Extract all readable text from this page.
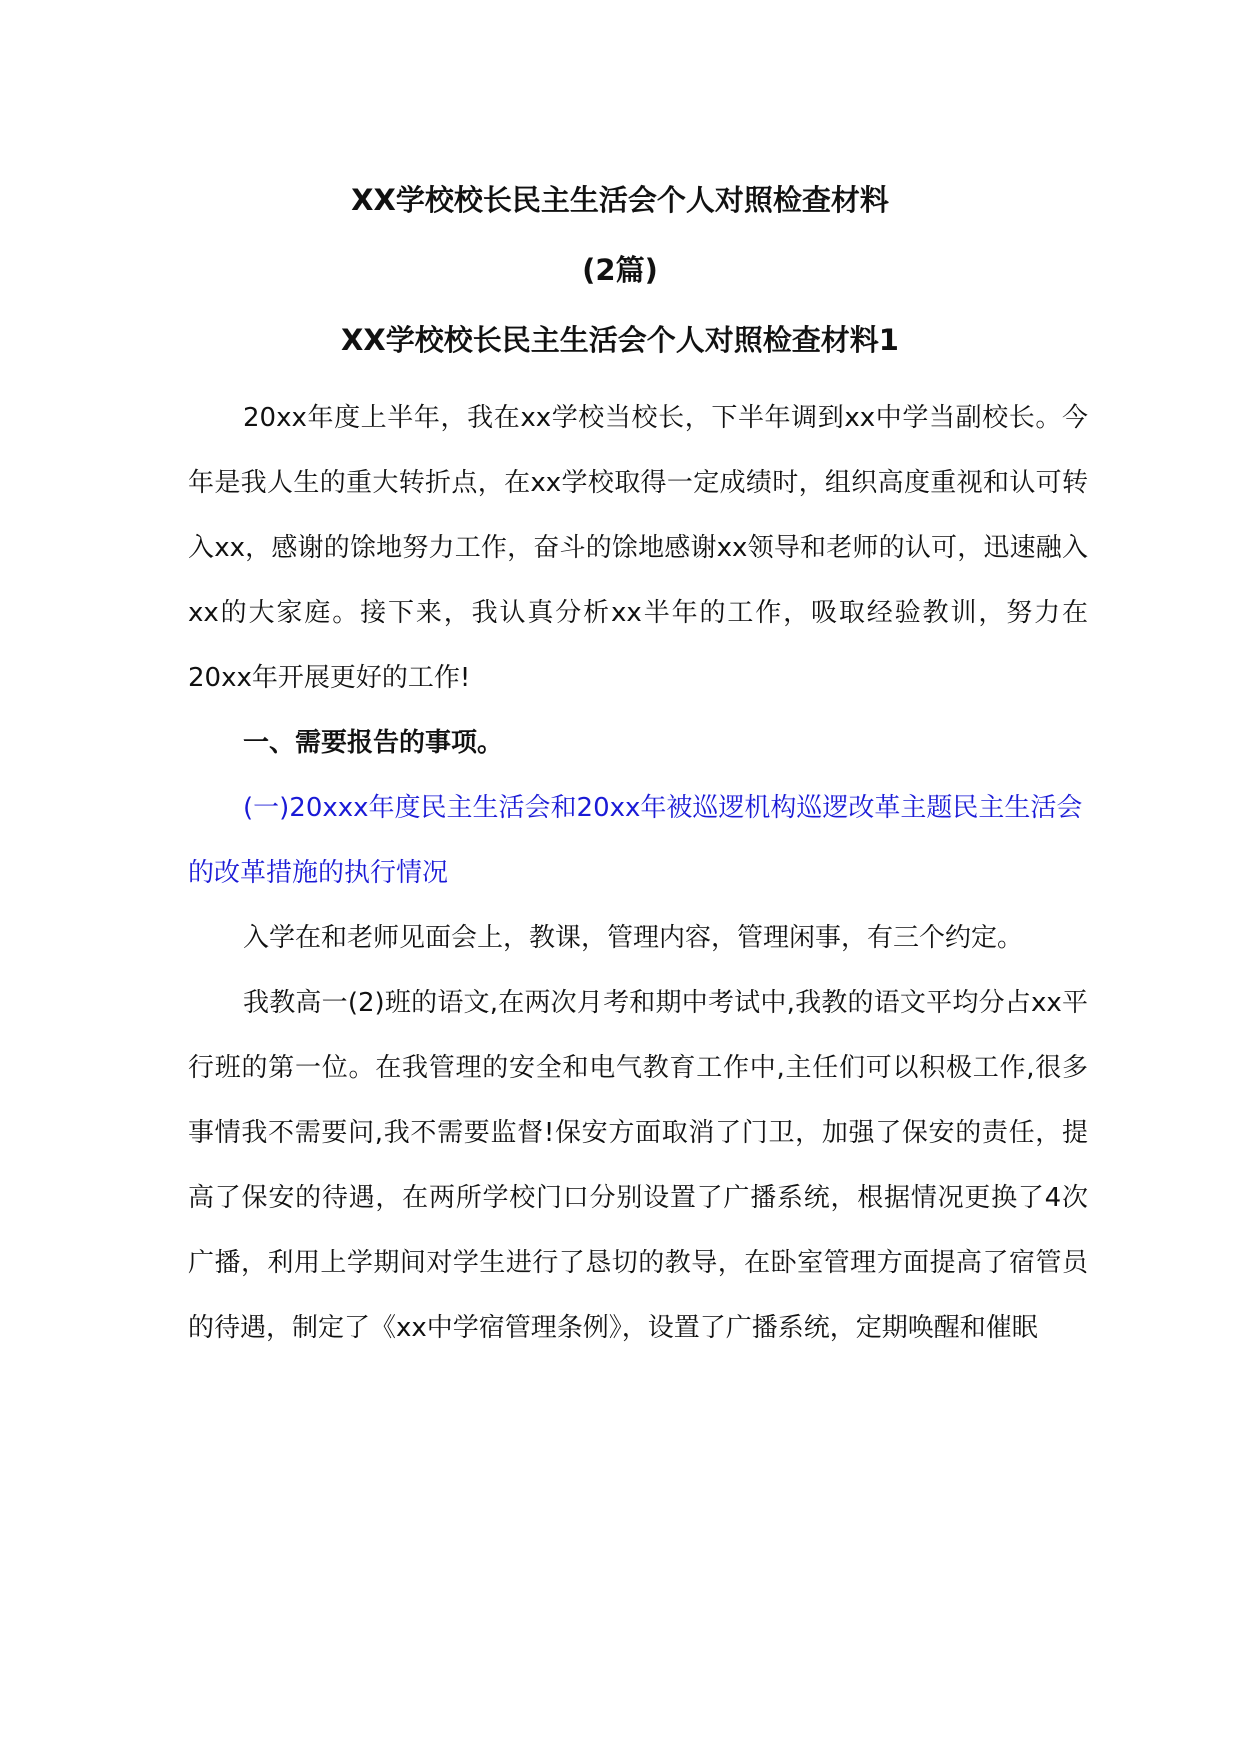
XX学校校长民主生活会个人对照检查材料
(2篇)
XX学校校长民主生活会个人对照检查材料1

20xx年度上半年，我在xx学校当校长，下半年调到xx中学当副校长。今年是我人生的重大转折点，在xx学校取得一定成绩时，组织高度重视和认可转入xx，感谢的馀地努力工作，奋斗的馀地感谢xx领导和老师的认可，迅速融入xx的大家庭。接下来，我认真分析xx半年的工作，吸取经验教训，努力在20xx年开展更好的工作!

一、需要报告的事项。

(一)20xxx年度民主生活会和20xx年被巡逻机构巡逻改革主题民主生活会的改革措施的执行情况

入学在和老师见面会上，教课，管理内容，管理闲事，有三个约定。

我教高一(2)班的语文,在两次月考和期中考试中,我教的语文平均分占xx平行班的第一位。在我管理的安全和电气教育工作中,主任们可以积极工作,很多事情我不需要问,我不需要监督!保安方面取消了门卫，加强了保安的责任，提高了保安的待遇，在两所学校门口分别设置了广播系统，根据情况更换了4次广播，利用上学期间对学生进行了恳切的教导，在卧室管理方面提高了宿管员的待遇，制定了《xx中学宿管理条例》，设置了广播系统，定期唤醒和催眠
